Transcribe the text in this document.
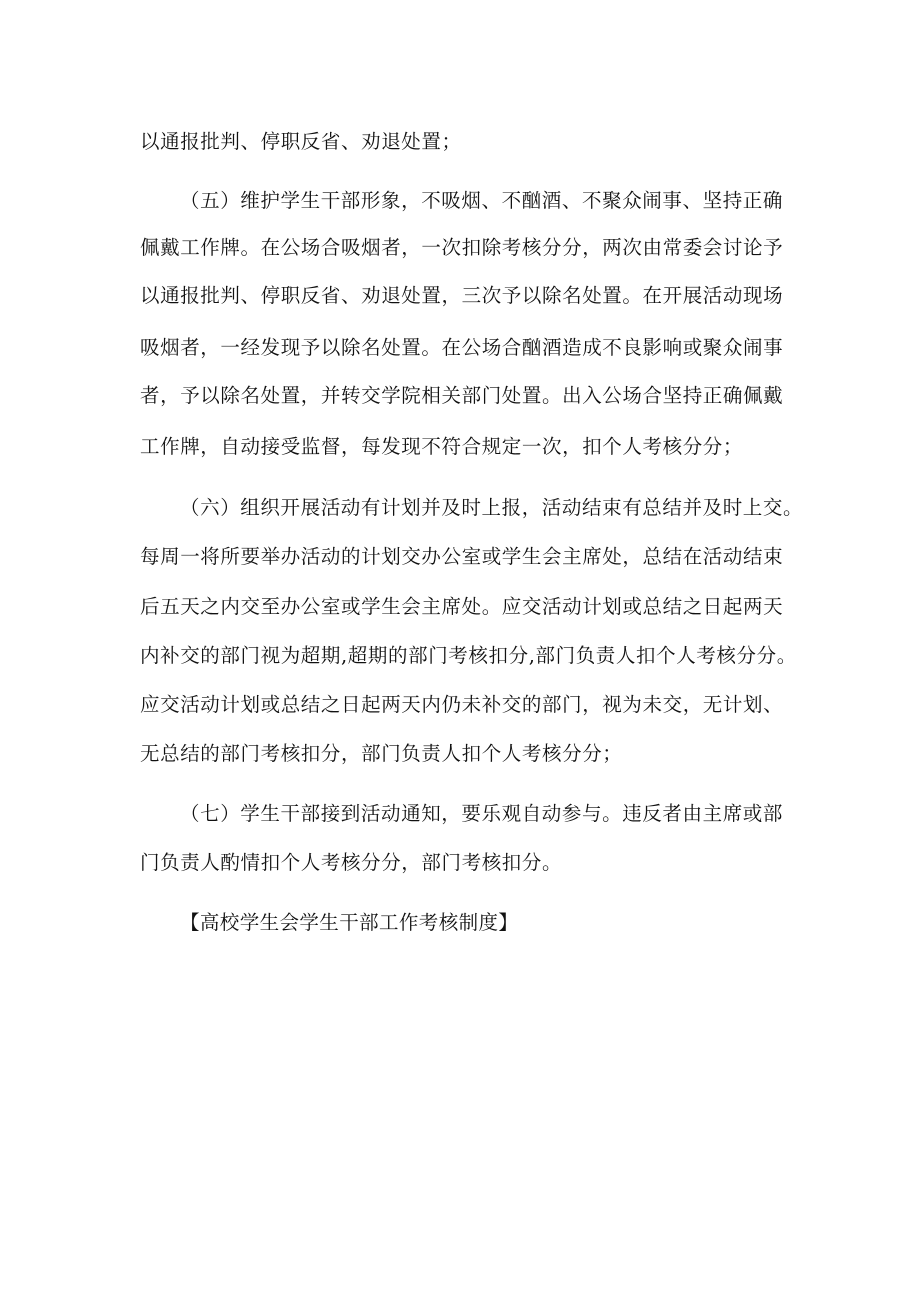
以通报批判、停职反省、劝退处置；
（五）维护学生干部形象，不吸烟、不酗酒、不聚众闹事、坚持正确
佩戴工作牌。在公场合吸烟者，一次扣除考核分分，两次由常委会讨论予
以通报批判、停职反省、劝退处置，三次予以除名处置。在开展活动现场
吸烟者，一经发现予以除名处置。在公场合酗酒造成不良影响或聚众闹事
者，予以除名处置，并转交学院相关部门处置。出入公场合坚持正确佩戴
工作牌，自动接受监督，每发现不符合规定一次，扣个人考核分分；
（六）组织开展活动有计划并及时上报，活动结束有总结并及时上交。
每周一将所要举办活动的计划交办公室或学生会主席处，总结在活动结束
后五天之内交至办公室或学生会主席处。应交活动计划或总结之日起两天
内补交的部门视为超期,超期的部门考核扣分,部门负责人扣个人考核分分。
应交活动计划或总结之日起两天内仍未补交的部门，视为未交，无计划、
无总结的部门考核扣分，部门负责人扣个人考核分分；
（七）学生干部接到活动通知，要乐观自动参与。违反者由主席或部
门负责人酌情扣个人考核分分，部门考核扣分。
【高校学生会学生干部工作考核制度】
